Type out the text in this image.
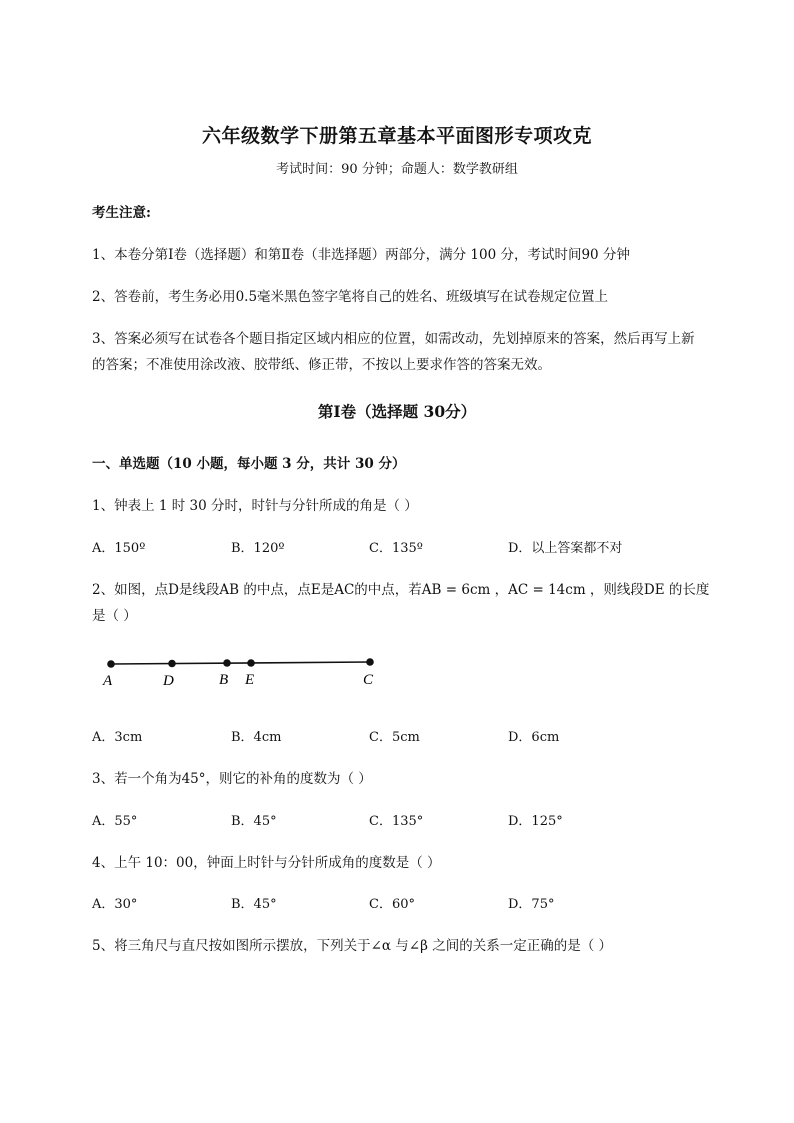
六年级数学下册第五章基本平面图形专项攻克
考试时间：90 分钟；命题人：数学教研组
考生注意:
1、本卷分第Ⅰ卷（选择题）和第Ⅱ卷（非选择题）两部分，满分 100 分，考试时间90 分钟
2、答卷前，考生务必用0.5毫米黑色签字笔将自己的姓名、班级填写在试卷规定位置上
3、答案必须写在试卷各个题目指定区域内相应的位置，如需改动，先划掉原来的答案，然后再写上新
的答案；不准使用涂改液、胶带纸、修正带，不按以上要求作答的答案无效。
第Ⅰ卷（选择题 30分）
一、单选题（10 小题，每小题 3 分，共计 30 分）
1、钟表上 1 时 30 分时，时针与分针所成的角是（ ）
A．150º	B．120º	C．135º	D．以上答案都不对
2、如图，点D是线段AB 的中点，点E是AC的中点，若AB = 6cm ，AC = 14cm ，则线段DE 的长度
是（ ）
A	D	B E	C
A．3cm	B．4cm	C．5cm	D．6cm
3、若一个角为45°，则它的补角的度数为（ ）
A．55°	B．45°	C．135°	D．125°
4、上午 10：00，钟面上时针与分针所成角的度数是（ ）
A．30°	B．45°	C．60°	D．75°
5、将三角尺与直尺按如图所示摆放，下列关于∠α 与∠β 之间的关系一定正确的是（ ）
